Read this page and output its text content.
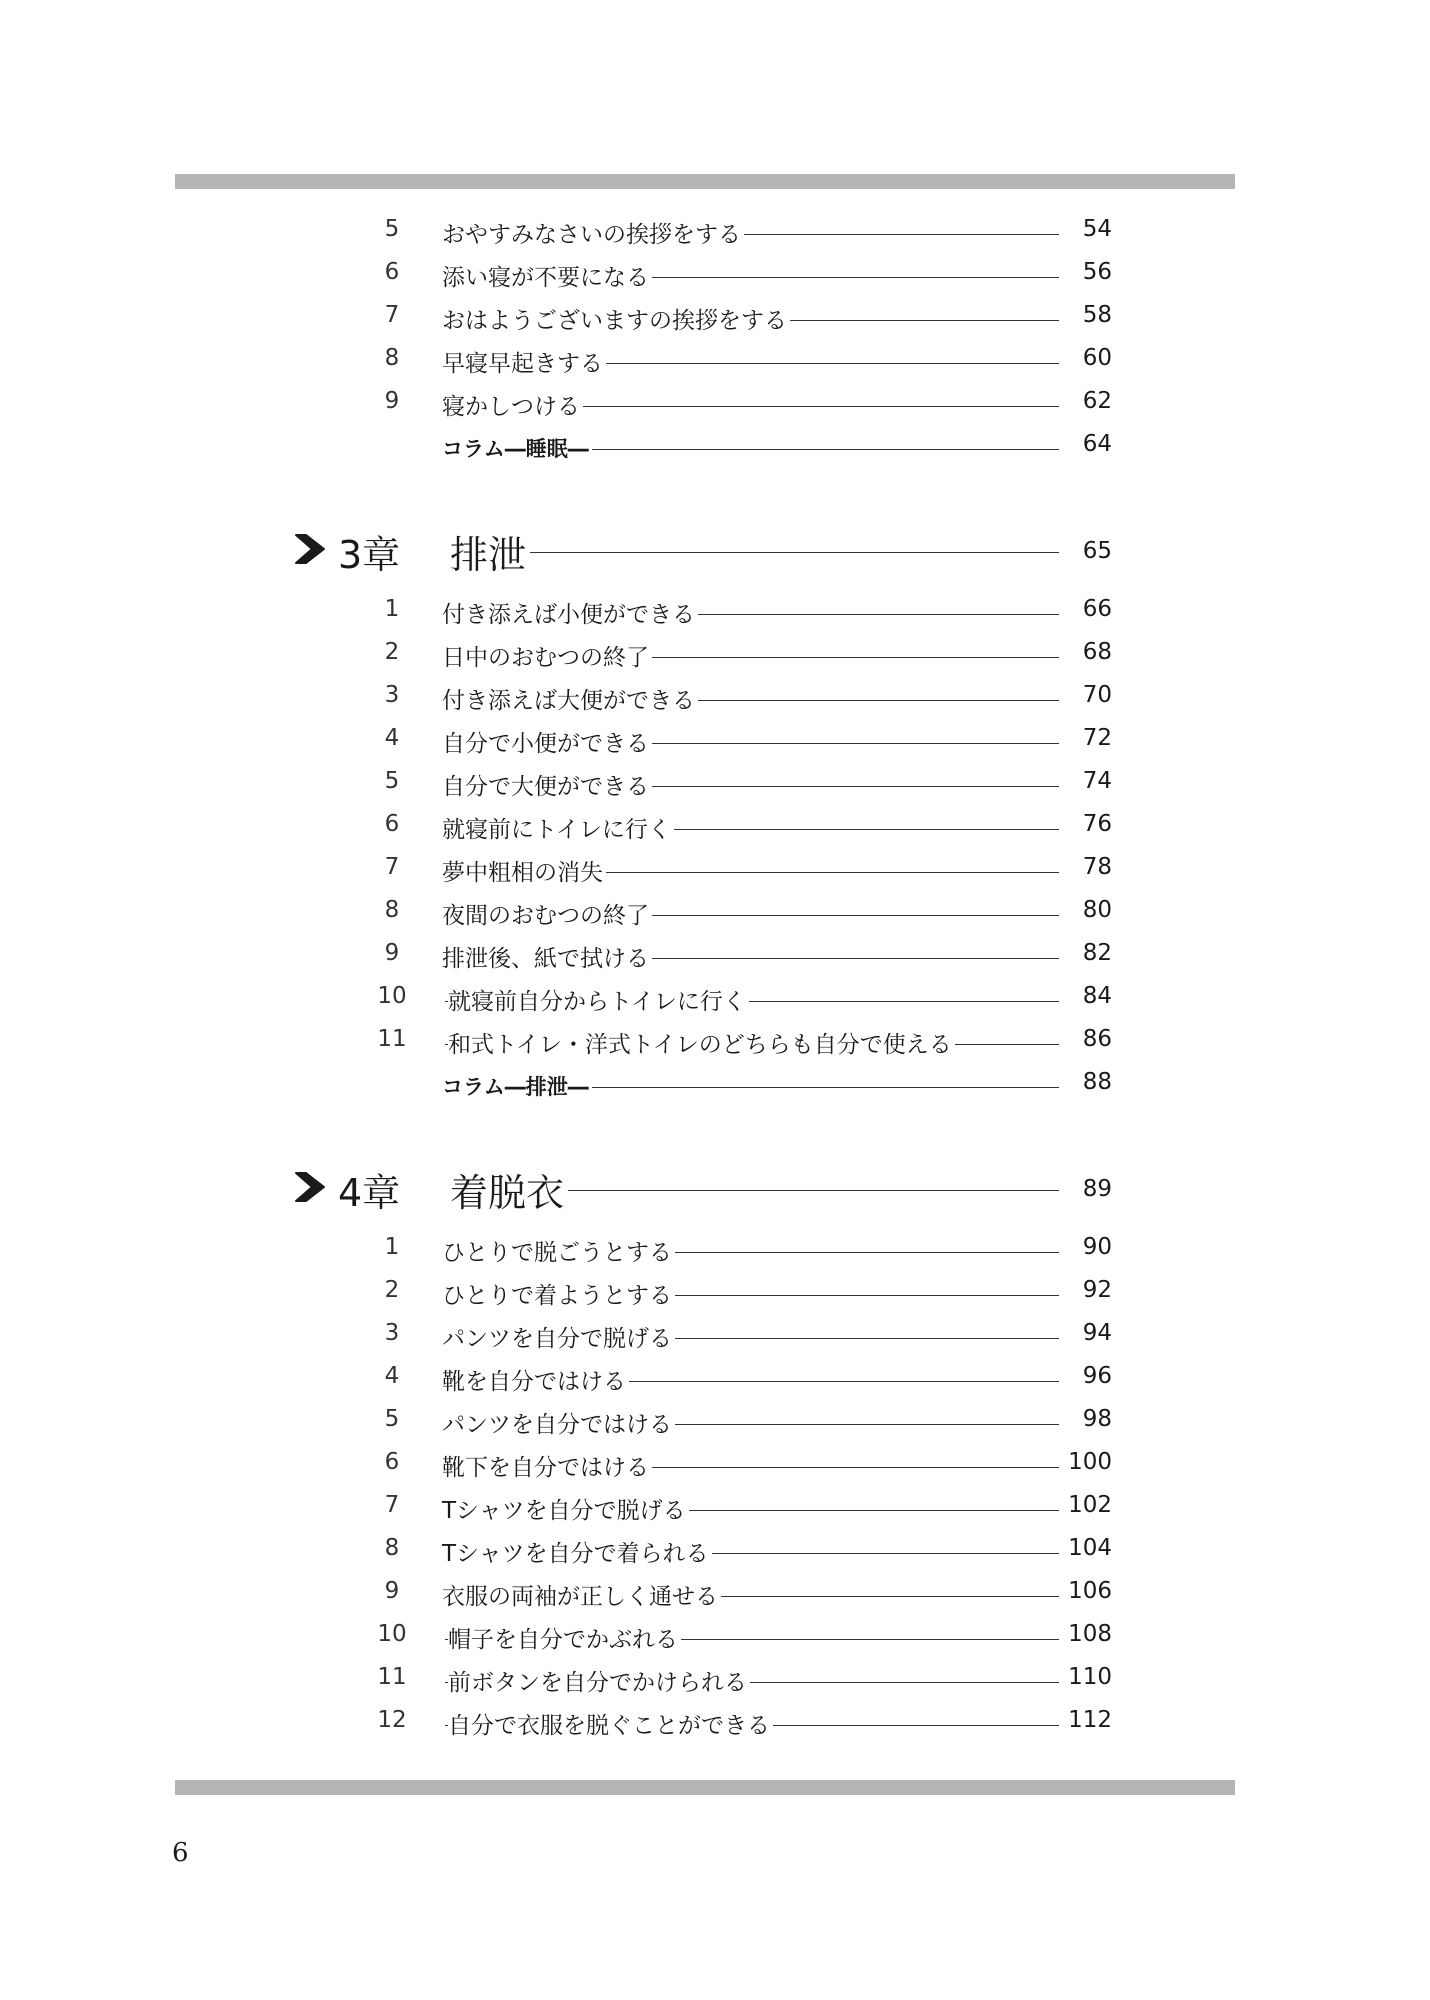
5	おやすみなさいの挨拶をする	54
6	添い寝が不要になる	56
7	おはようございますの挨拶をする	58
8	早寝早起きする	60
9	寝かしつける	62
コラム―睡眠―	64
3章 排泄	65
1	付き添えば小便ができる	66
2	日中のおむつの終了	68
3	付き添えば大便ができる	70
4	自分で小便ができる	72
5	自分で大便ができる	74
6	就寝前にトイレに行く	76
7	夢中粗相の消失	78
8	夜間のおむつの終了	80
9	排泄後、紙で拭ける	82
10 就寝前自分からトイレに行く	84
11 和式トイレ・洋式トイレのどちらも自分で使える	86
コラム―排泄―	88
4章 着脱衣	89
1	ひとりで脱ごうとする	90
2	ひとりで着ようとする	92
3	パンツを自分で脱げる	94
4	靴を自分ではける	96
5	パンツを自分ではける	98
6	靴下を自分ではける	100
7	Tシャツを自分で脱げる	102
8	Tシャツを自分で着られる	104
9	衣服の両袖が正しく通せる	106
10 帽子を自分でかぶれる	108
11 前ボタンを自分でかけられる	110
12 自分で衣服を脱ぐことができる	112
6
